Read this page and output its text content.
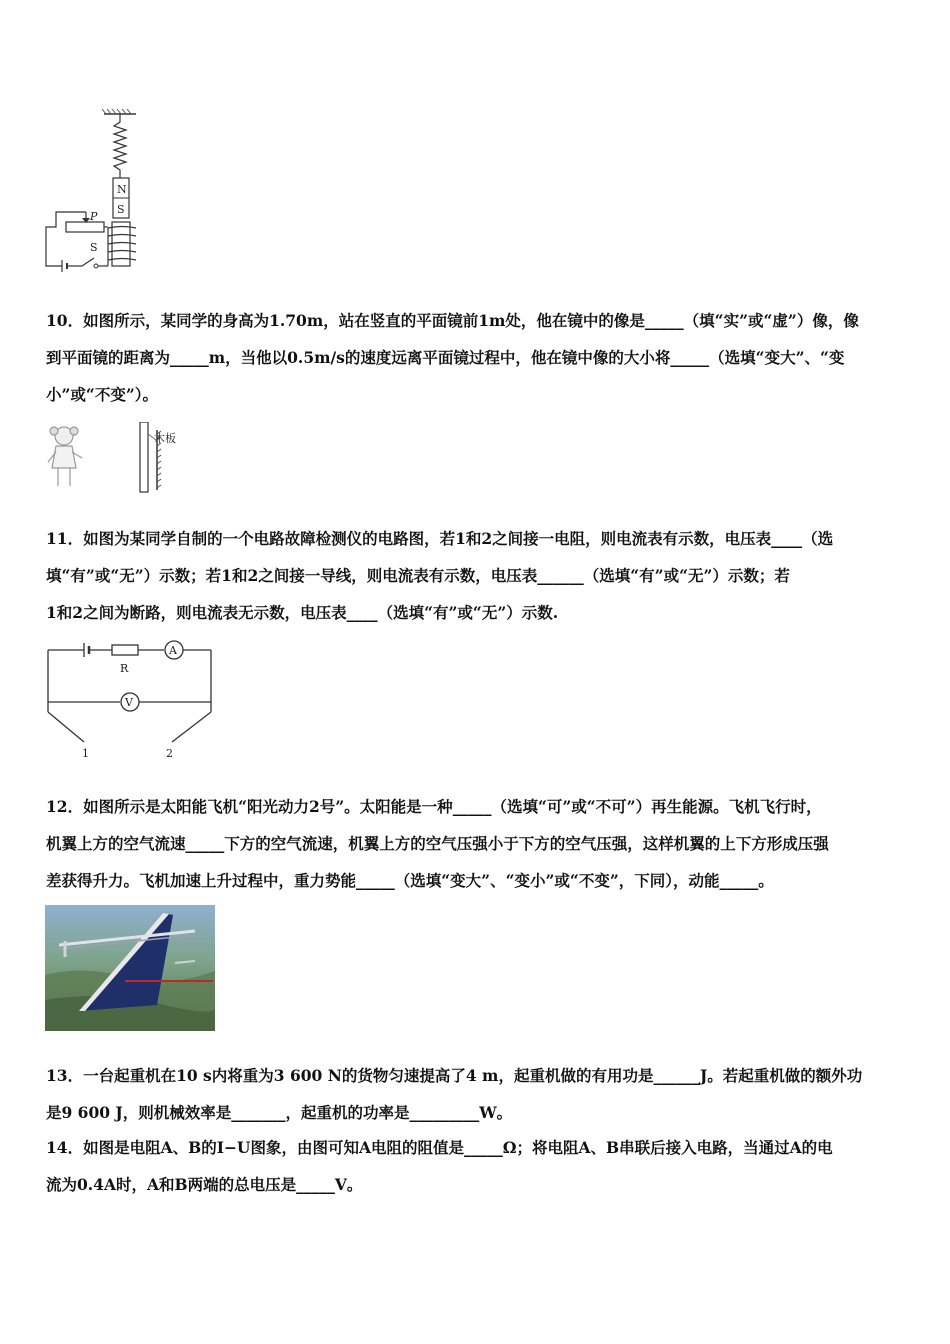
N
S
P
S

10．如图所示，某同学的身高为1.70m，站在竖直的平面镜前1m处，他在镜中的像是_____（填“实”或“虚”）像，像

到平面镜的距离为_____m，当他以0.5m/s的速度远离平面镜过程中，他在镜中像的大小将_____（选填“变大”、“变

小”或“不变”）。

木板

11．如图为某同学自制的一个电路故障检测仪的电路图，若1和2之间接一电阻，则电流表有示数，电压表____（选

填“有”或“无”）示数；若1和2之间接一导线，则电流表有示数，电压表______（选填“有”或“无”）示数；若

1和2之间为断路，则电流表无示数，电压表____（选填“有”或“无”）示数.

R
A
V
1	2

12．如图所示是太阳能飞机“阳光动力2号”。太阳能是一种_____（选填“可”或“不可”）再生能源。飞机飞行时，

机翼上方的空气流速_____下方的空气流速，机翼上方的空气压强小于下方的空气压强，这样机翼的上下方形成压强

差获得升力。飞机加速上升过程中，重力势能_____（选填“变大”、“变小”或“不变”，下同），动能_____。

13．一台起重机在10 s内将重为3 600 N的货物匀速提高了4 m，起重机做的有用功是______J。若起重机做的额外功

是9 600 J，则机械效率是_______，起重机的功率是_________W。

14．如图是电阻A、B的I−U图象，由图可知A电阻的阻值是_____Ω；将电阻A、B串联后接入电路，当通过A的电

流为0.4A时，A和B两端的总电压是_____V。
